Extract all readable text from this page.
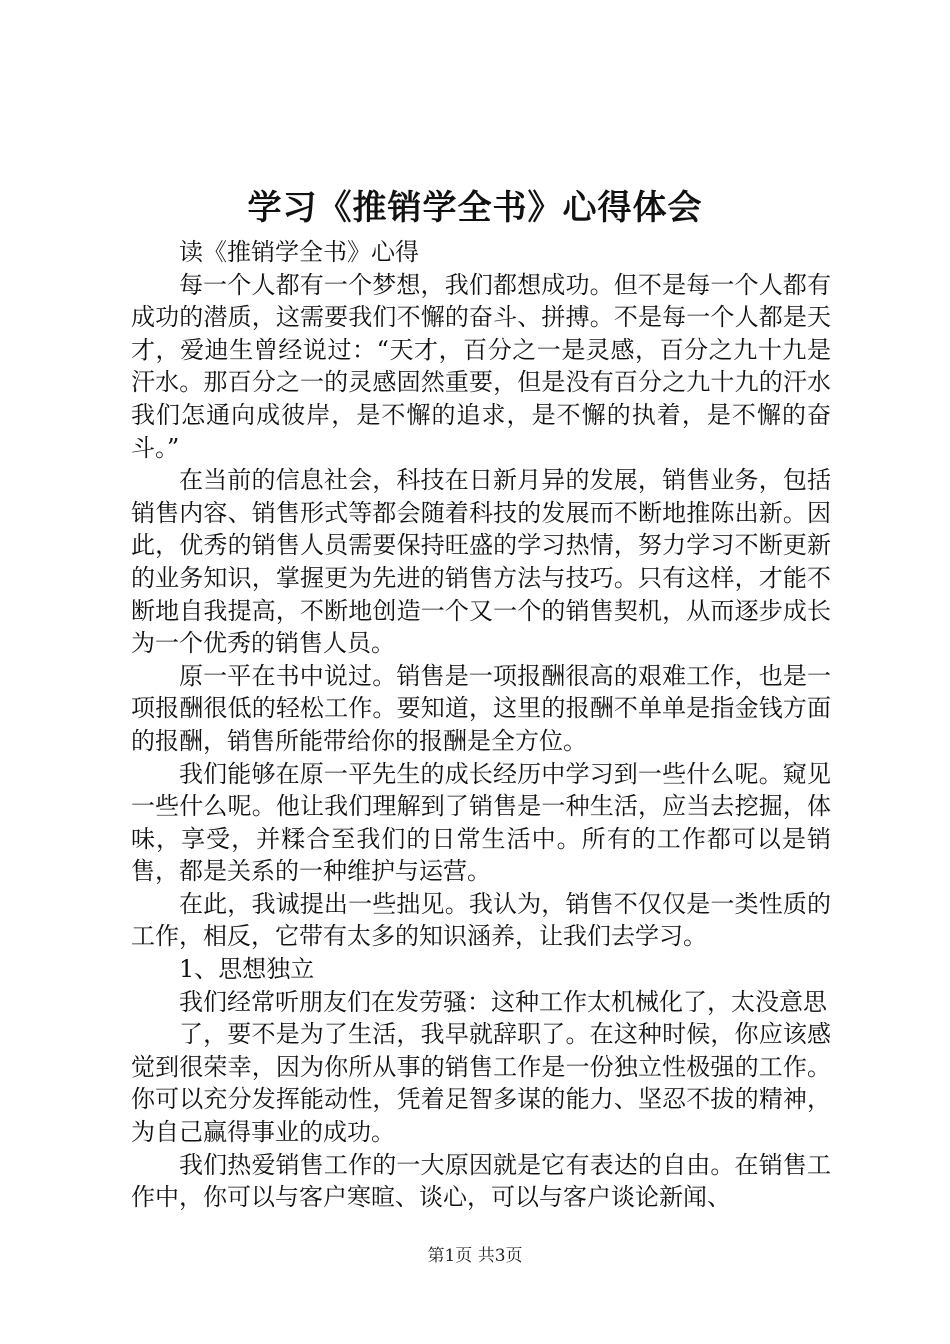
学习《推销学全书》心得体会

读《推销学全书》心得

每一个人都有一个梦想，我们都想成功。但不是每一个人都有成功的潜质，这需要我们不懈的奋斗、拼搏。不是每一个人都是天才，爱迪生曾经说过：“天才，百分之一是灵感，百分之九十九是汗水。那百分之一的灵感固然重要，但是没有百分之九十九的汗水我们怎通向成彼岸，是不懈的追求，是不懈的执着，是不懈的奋斗。”

在当前的信息社会，科技在日新月异的发展，销售业务，包括销售内容、销售形式等都会随着科技的发展而不断地推陈出新。因此，优秀的销售人员需要保持旺盛的学习热情，努力学习不断更新的业务知识，掌握更为先进的销售方法与技巧。只有这样，才能不断地自我提高，不断地创造一个又一个的销售契机，从而逐步成长为一个优秀的销售人员。

原一平在书中说过。销售是一项报酬很高的艰难工作，也是一项报酬很低的轻松工作。要知道，这里的报酬不单单是指金钱方面的报酬，销售所能带给你的报酬是全方位。

我们能够在原一平先生的成长经历中学习到一些什么呢。窥见一些什么呢。他让我们理解到了销售是一种生活，应当去挖掘，体味，享受，并糅合至我们的日常生活中。所有的工作都可以是销售，都是关系的一种维护与运营。

在此，我诚提出一些拙见。我认为，销售不仅仅是一类性质的工作，相反，它带有太多的知识涵养，让我们去学习。

1、思想独立

我们经常听朋友们在发劳骚：这种工作太机械化了，太没意思

了，要不是为了生活，我早就辞职了。在这种时候，你应该感觉到很荣幸，因为你所从事的销售工作是一份独立性极强的工作。你可以充分发挥能动性，凭着足智多谋的能力、坚忍不拔的精神，为自己赢得事业的成功。

我们热爱销售工作的一大原因就是它有表达的自由。在销售工作中，你可以与客户寒暄、谈心，可以与客户谈论新闻、

第1页 共3页
